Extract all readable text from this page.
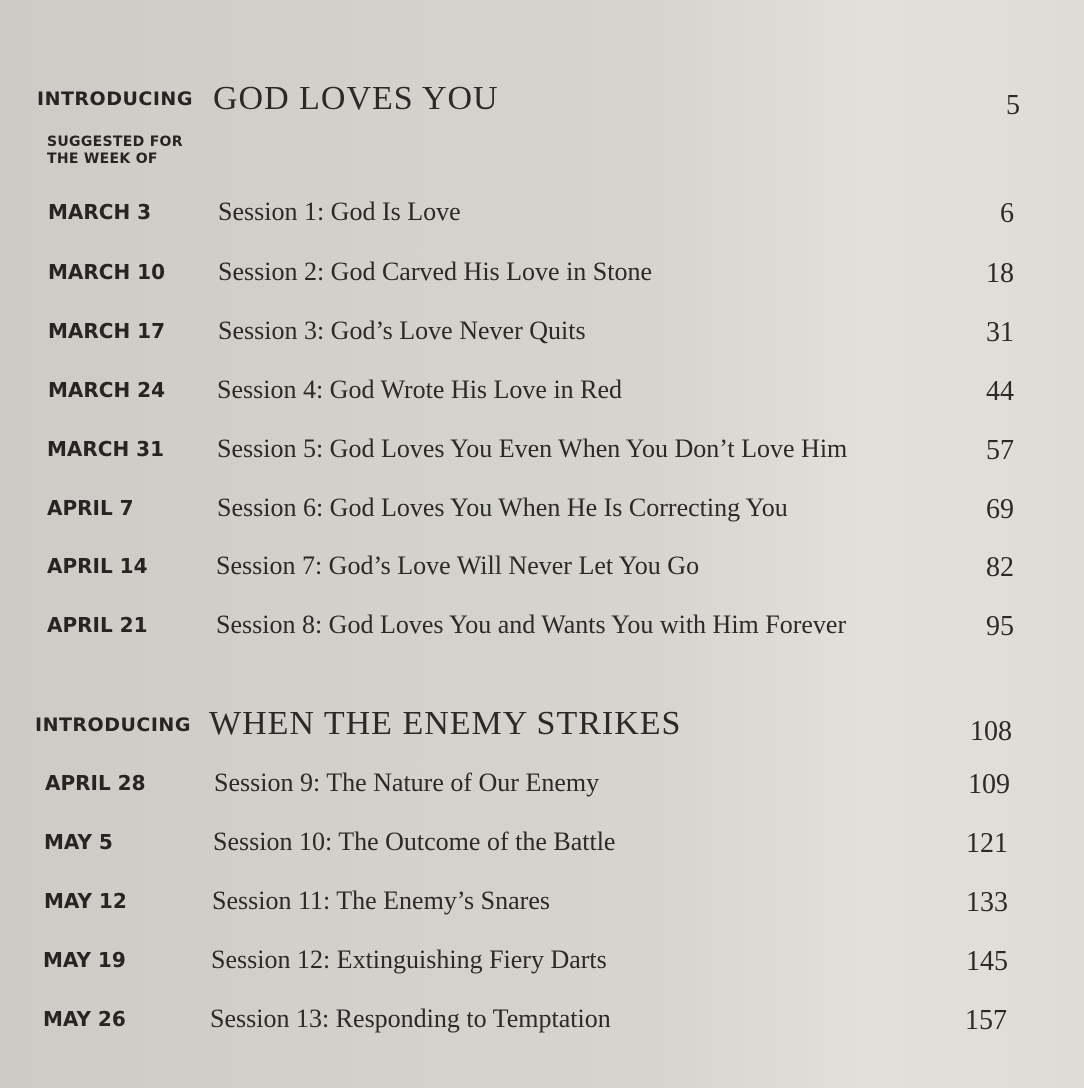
INTRODUCING GOD LOVES YOU	5
SUGGESTED FOR
THE WEEK OF
MARCH 3	Session 1: God Is Love	6
MARCH 10 Session 2: God Carved His Love in Stone	18
MARCH 17 Session 3: God’s Love Never Quits	31
MARCH 24 Session 4: God Wrote His Love in Red	44
MARCH 31 Session 5: God Loves You Even When You Don’t Love Him	57
APRIL 7	Session 6: God Loves You When He Is Correcting You	69
APRIL 14	Session 7: God’s Love Will Never Let You Go	82
APRIL 21	Session 8: God Loves You and Wants You with Him Forever	95
INTRODUCING WHEN THE ENEMY STRIKES	108
APRIL 28	Session 9: The Nature of Our Enemy	109
MAY 5	Session 10: The Outcome of the Battle	121
MAY 12	Session 11: The Enemy’s Snares	133
MAY 19	Session 12: Extinguishing Fiery Darts	145
MAY 26	Session 13: Responding to Temptation	157
